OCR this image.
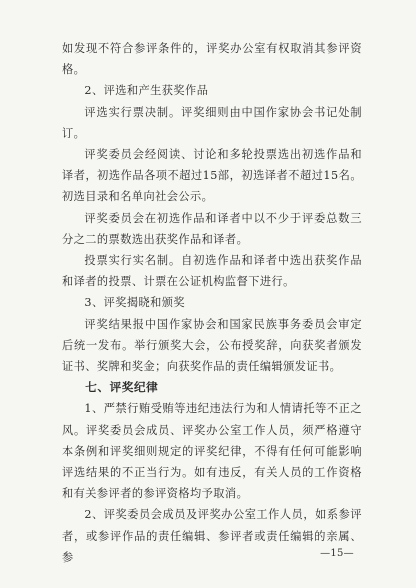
如发现不符合参评条件的，评奖办公室有权取消其参评资格。

2、评选和产生获奖作品

评选实行票决制。评奖细则由中国作家协会书记处制订。

评奖委员会经阅读、讨论和多轮投票选出初选作品和译者，初选作品各项不超过15部，初选译者不超过15名。初选目录和名单向社会公示。

评奖委员会在初选作品和译者中以不少于评委总数三分之二的票数选出获奖作品和译者。

投票实行实名制。自初选作品和译者中选出获奖作品和译者的投票、计票在公证机构监督下进行。

3、评奖揭晓和颁奖

评奖结果报中国作家协会和国家民族事务委员会审定后统一发布。举行颁奖大会，公布授奖辞，向获奖者颁发证书、奖牌和奖金；向获奖作品的责任编辑颁发证书。

七、评奖纪律

1、严禁行贿受贿等违纪违法行为和人情请托等不正之风。评奖委员会成员、评奖办公室工作人员，须严格遵守本条例和评奖细则规定的评奖纪律，不得有任何可能影响评选结果的不正当行为。如有违反，有关人员的工作资格和有关参评者的参评资格均予取消。

2、评奖委员会成员及评奖办公室工作人员，如系参评者，或参评作品的责任编辑、参评者或责任编辑的亲属、参	—15—
